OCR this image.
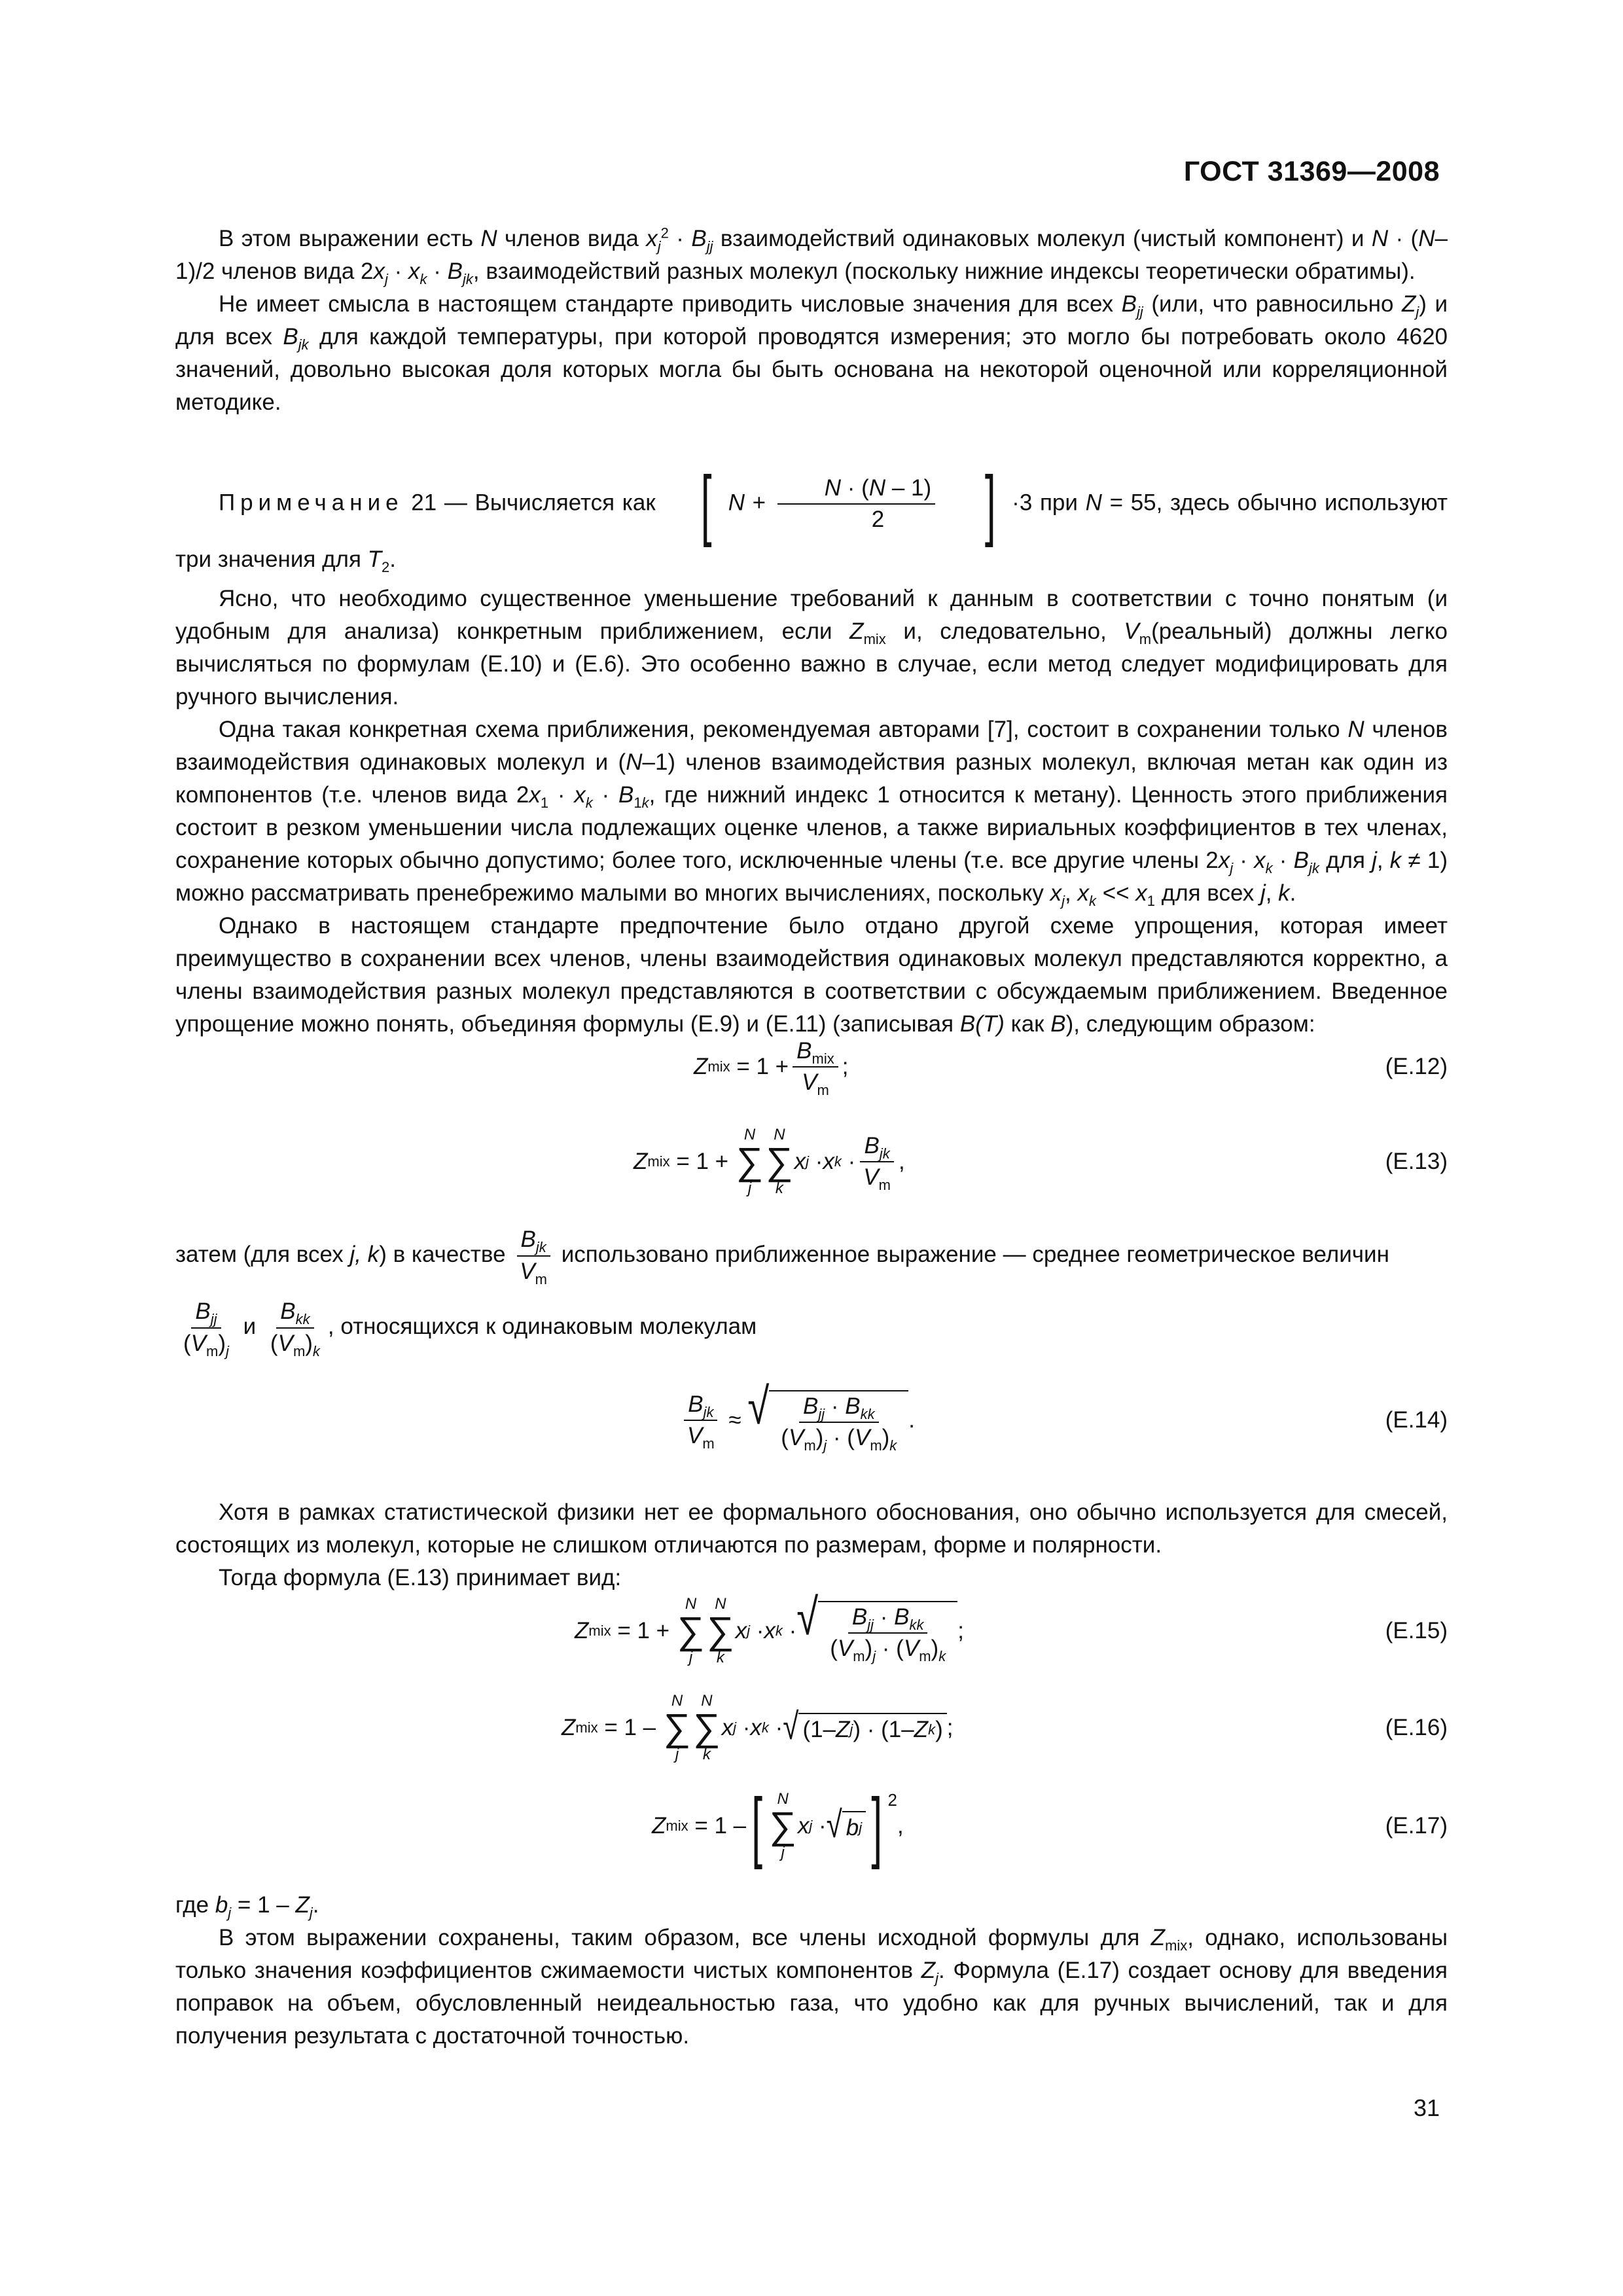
ГОСТ 31369—2008

В этом выражении есть N членов вида $x_j^2 \cdot B_{jj}$ взаимодействий одинаковых молекул (чистый компонент) и N · (N–1)/2 членов вида $2x_j \cdot x_k \cdot B_{jk}$, взаимодействий разных молекул (поскольку нижние индексы теоретически обратимы).

Не имеет смысла в настоящем стандарте приводить числовые значения для всех $B_{jj}$ (или, что равносильно $Z_j$) и для всех $B_{jk}$ для каждой температуры, при которой проводятся измерения; это могло бы потребовать около 4620 значений, довольно высокая доля которых могла бы быть основана на некоторой оценочной или корреляционной методике.

Примечание 21 — Вычисляется как [ $N + \frac{N \cdot (N - 1)}{2}$ ] ·3 при N = 55, здесь обычно используют три значения для $T_2$.

Ясно, что необходимо существенное уменьшение требований к данным в соответствии с точно понятым (и удобным для анализа) конкретным приближением, если $Z_{mix}$ и, следовательно, $V_m(реальный)$ должны легко вычисляться по формулам (Е.10) и (Е.6). Это особенно важно в случае, если метод следует модифицировать для ручного вычисления.

Одна такая конкретная схема приближения, рекомендуемая авторами [7], состоит в сохранении только N членов взаимодействия одинаковых молекул и (N–1) членов взаимодействия разных молекул, включая метан как один из компонентов (т.е. членов вида $2x_1 \cdot x_k \cdot B_{1k}$, где нижний индекс 1 относится к метану). Ценность этого приближения состоит в резком уменьшении числа подлежащих оценке членов, а также вириальных коэффициентов в тех членах, сохранение которых обычно допустимо; более того, исключенные члены (т.е. все другие члены $2x_j \cdot x_k \cdot B_{jk}$ для j, k ≠ 1) можно рассматривать пренебрежимо малыми во многих вычислениях, поскольку $x_j$, $x_k << x_1$ для всех j, k.

Однако в настоящем стандарте предпочтение было отдано другой схеме упрощения, которая имеет преимущество в сохранении всех членов, члены взаимодействия одинаковых молекул представляются корректно, а члены взаимодействия разных молекул представляются в соответствии с обсуждаемым приближением. Введенное упрощение можно понять, объединяя формулы (Е.9) и (Е.11) (записывая B(T) как B), следующим образом:

Z mix = $1 + \frac{B_{mix}}{V_m}$ ;	(Е.12)
Z mix = 1 +
N
∑
j
N
∑
k
x j · x $k \cdot \frac{B_{jk}}{V_m}$ ,	(Е.13)

затем (для всех j, k) в качестве $\frac{B_{jk}}{V_m}$ использовано приближенное выражение — среднее геометрическое величин

$\frac{B_{jj}}{(V_m)_j}$ и $\frac{B_{kk}}{(V_m)_k}$ , относящихся к одинаковым молекулам

$\frac{B_{jk}}{V_m}$ ≈ √ $\frac{B_{jj} \cdot B_{kk}}{(V_m)_j \cdot (V_m)_k}$ .	(Е.14)

Хотя в рамках статистической физики нет ее формального обоснования, оно обычно используется для смесей, состоящих из молекул, которые не слишком отличаются по размерам, форме и полярности.

Тогда формула (Е.13) принимает вид:

Z mix = 1 +
N
∑
j
N
∑
k
x j · x k · √ $\frac{B_{jj} \cdot B_{kk}}{(V_m)_j \cdot (V_m)_k}$ ;	(Е.15)
Z mix = 1 –
N
∑
j
N
∑
k
x j · x k · √ (1– Z j ) · (1– Z k ) ;	(Е.16)
Z mix = 1 – [ N
∑
j
x j · √ b j ] $^2$
,	(Е.17)

где $b_j = 1 - Z_j$.

В этом выражении сохранены, таким образом, все члены исходной формулы для $Z_{mix}$, однако, использованы только значения коэффициентов сжимаемости чистых компонентов $Z_j$. Формула (Е.17) создает основу для введения поправок на объем, обусловленный неидеальностью газа, что удобно как для ручных вычислений, так и для получения результата с достаточной точностью.

31
